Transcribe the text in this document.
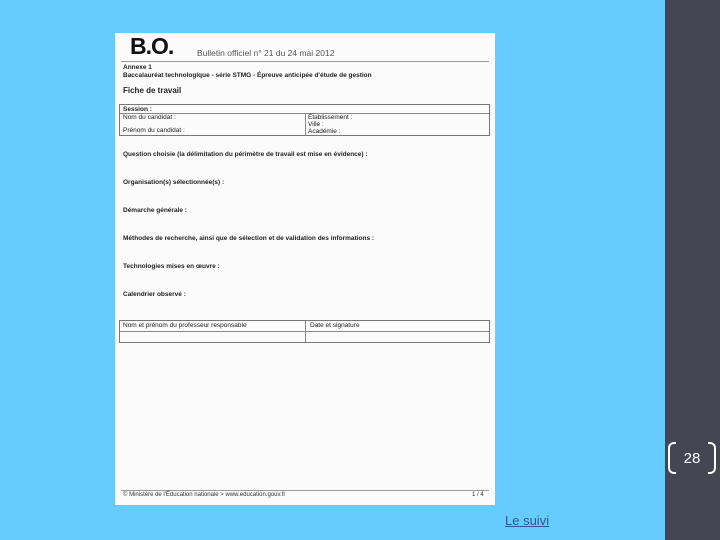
B.O.	Bulletin officiel n° 21 du 24 mai 2012
Annexe 1
Baccalauréat technologique - série STMG - Épreuve anticipée d'étude de gestion
Fiche de travail
Session :
Nom du candidat :
Prénom du candidat :
Établissement :
Ville :
Académie :
Question choisie (la délimitation du périmètre de travail est mise en évidence) :
Organisation(s) sélectionnée(s) :
Démarche générale :
Méthodes de recherche, ainsi que de sélection et de validation des informations :
Technologies mises en œuvre :
Calendrier observé :
Nom et prénom du professeur responsable	Date et signature
© Ministère de l'Éducation nationale > www.education.gouv.fr	1 / 4
28
Le suivi
